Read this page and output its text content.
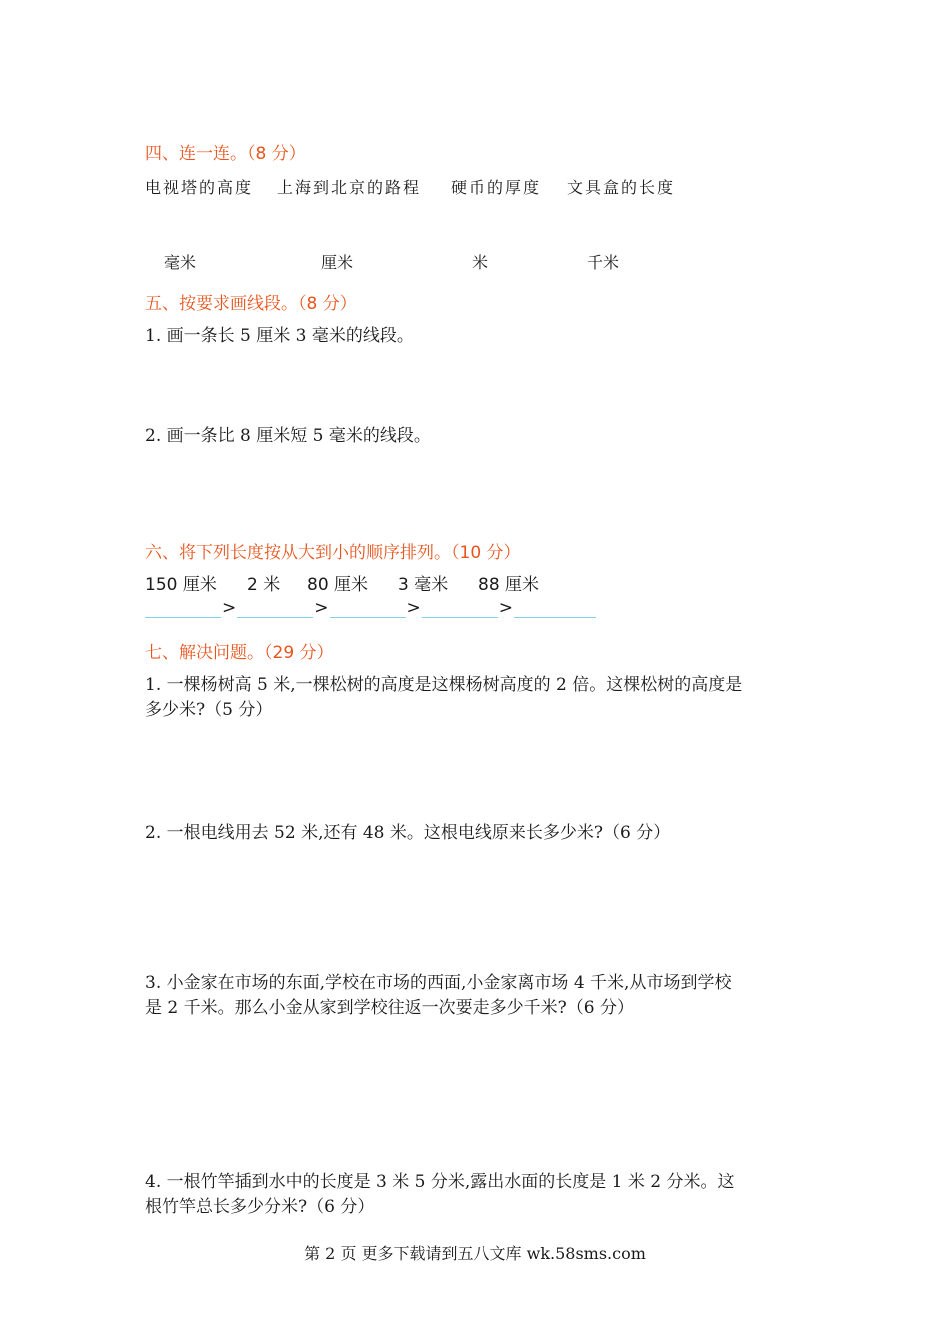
四、连一连。（8 分）
电视塔的高度 上海到北京的路程 硬币的厚度 文具盒的长度
毫米	厘米	米	千米
五、按要求画线段。（8 分）
1. 画一条长 5 厘米 3 毫米的线段。
2. 画一条比 8 厘米短 5 毫米的线段。
六、将下列长度按从大到小的顺序排列。（10 分）
150 厘米 2 米 80 厘米 3 毫米 88 厘米
>	>	>	>
七、解决问题。（29 分）
1. 一棵杨树高 5 米,一棵松树的高度是这棵杨树高度的 2 倍。这棵松树的高度是
多少米?（5 分）
2. 一根电线用去 52 米,还有 48 米。这根电线原来长多少米?（6 分）
3. 小金家在市场的东面,学校在市场的西面,小金家离市场 4 千米,从市场到学校
是 2 千米。那么小金从家到学校往返一次要走多少千米?（6 分）
4. 一根竹竿插到水中的长度是 3 米 5 分米,露出水面的长度是 1 米 2 分米。这
根竹竿总长多少分米?（6 分）
第 2 页 更多下载请到五八文库 wk.58sms.com
